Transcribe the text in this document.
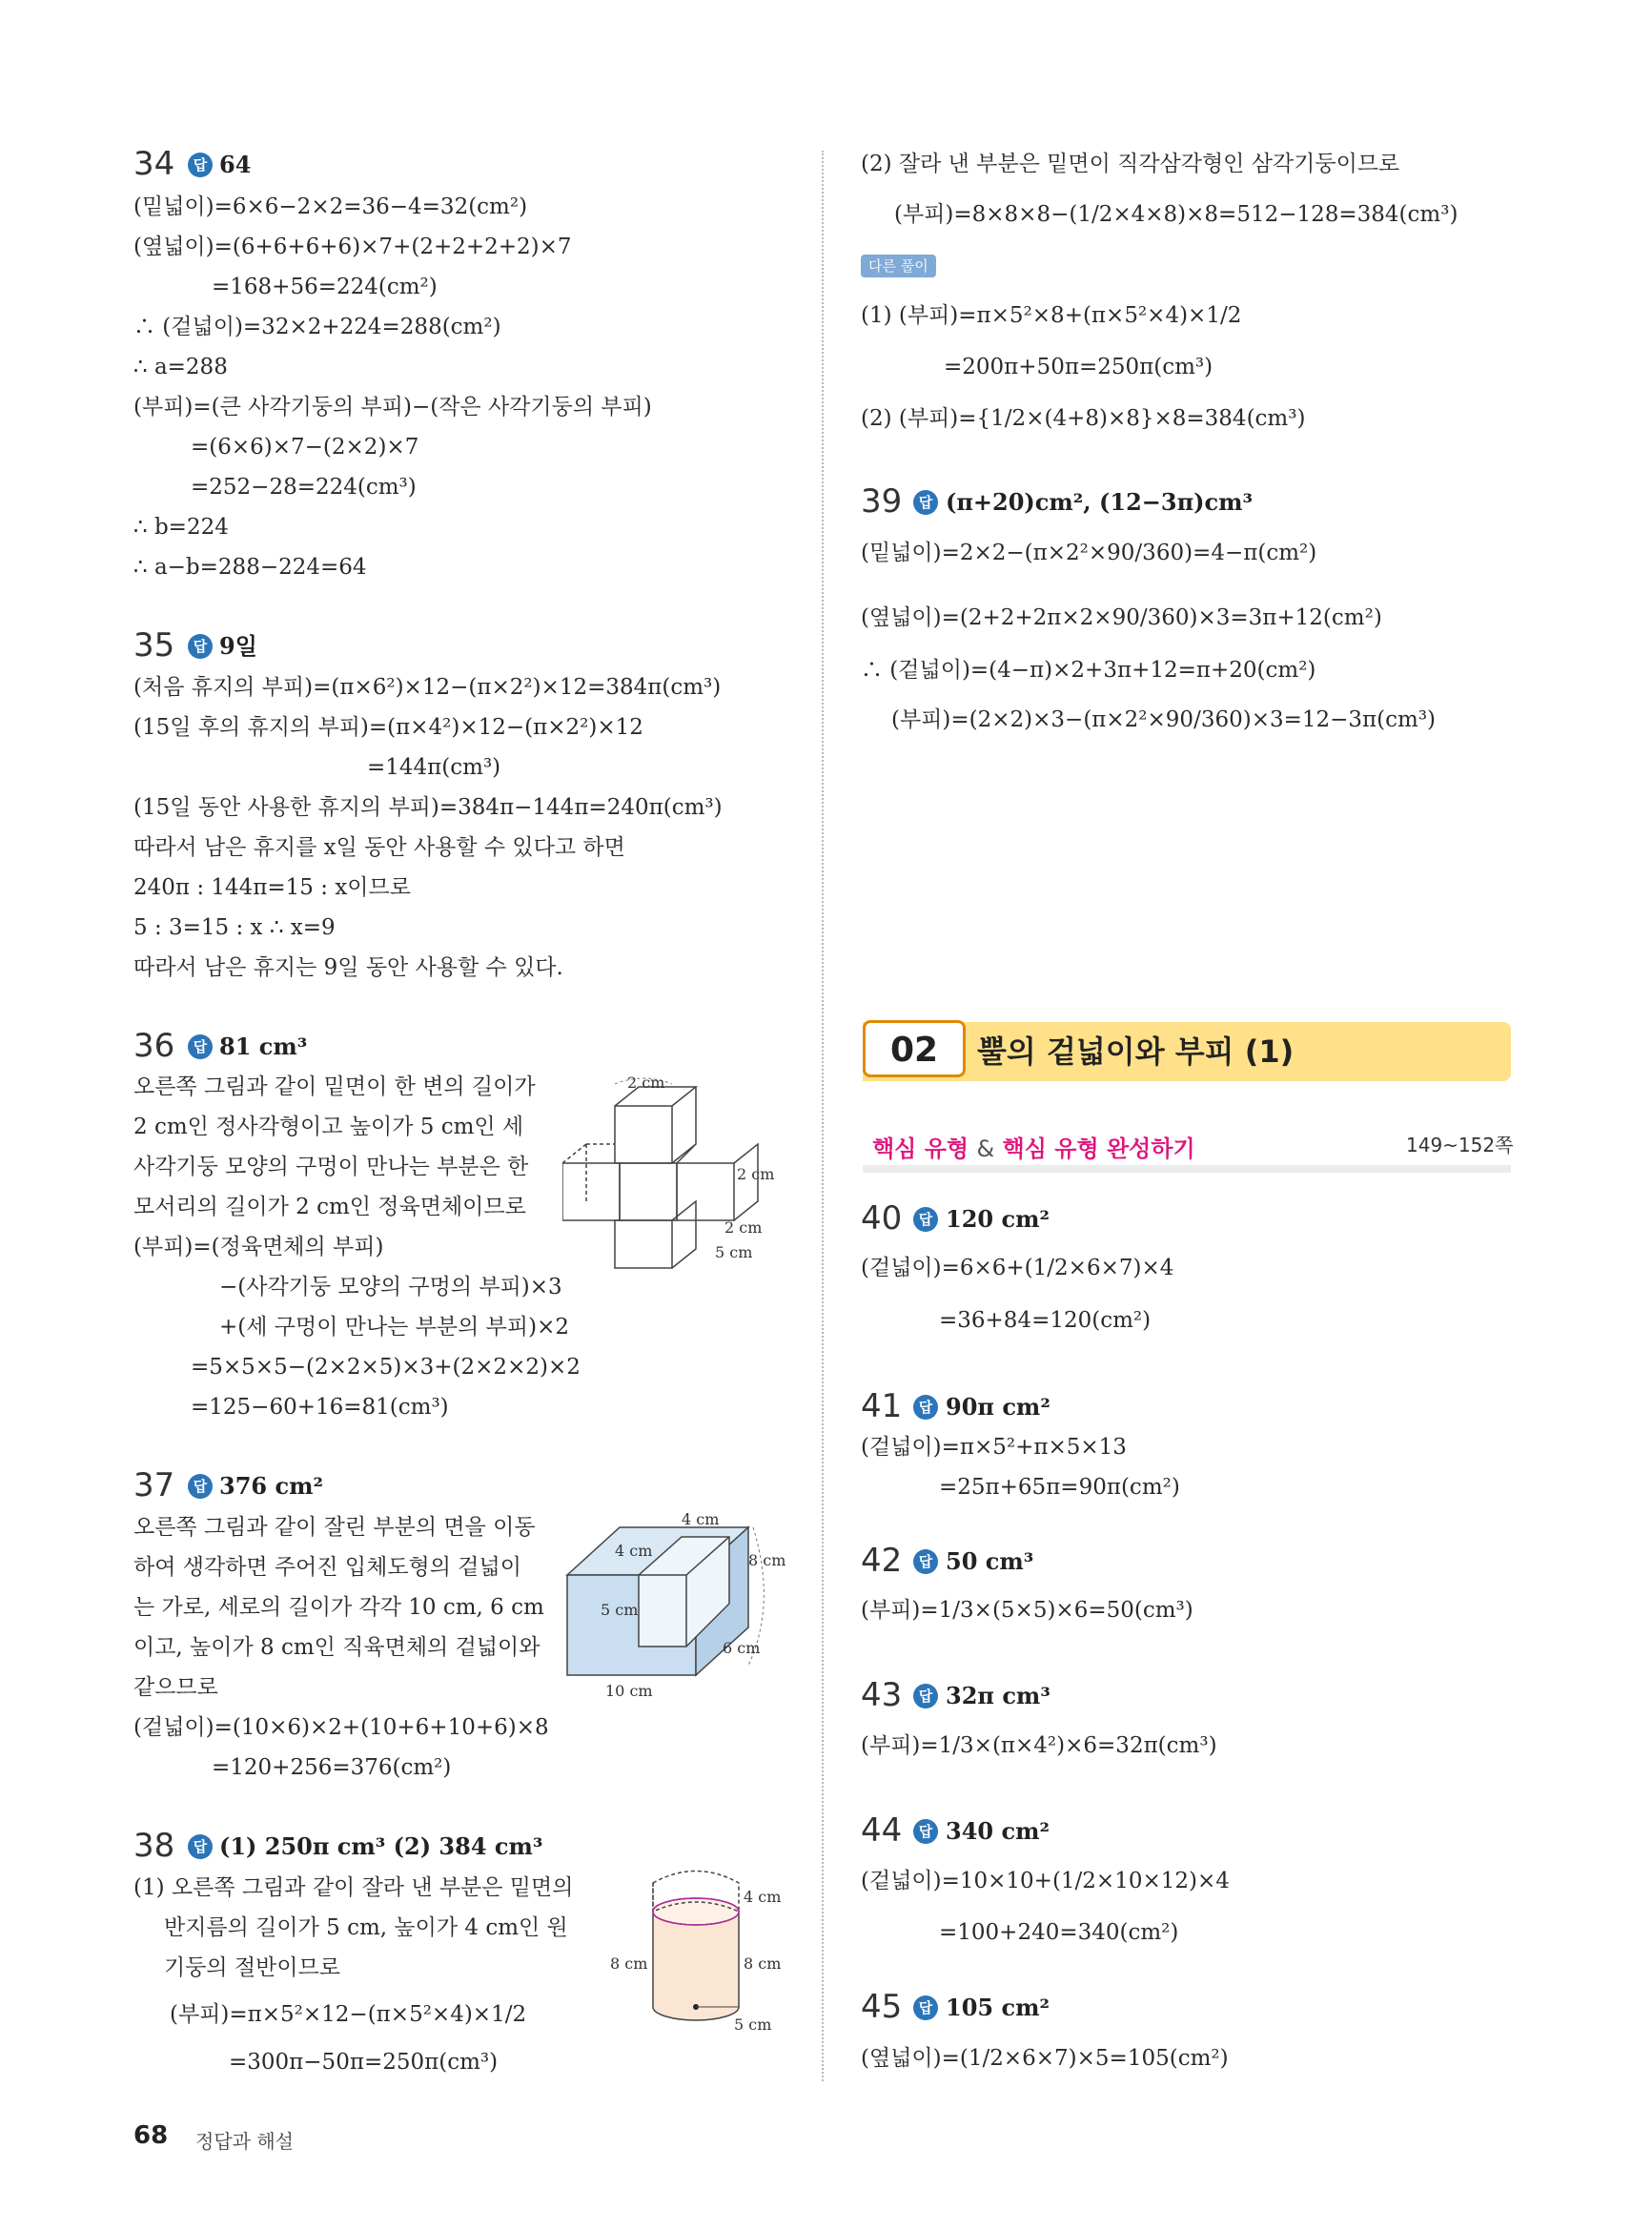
34	답 64
(밑넓이)=6×6−2×2=36−4=32(cm²)
(옆넓이)=(6+6+6+6)×7+(2+2+2+2)×7
=168+56=224(cm²)
∴ (겉넓이)=32×2+224=288(cm²)
∴ a=288
(부피)=(큰 사각기둥의 부피)−(작은 사각기둥의 부피)
=(6×6)×7−(2×2)×7
=252−28=224(cm³)
∴ b=224
∴ a−b=288−224=64
35	답 9일
(처음 휴지의 부피)=(π×6²)×12−(π×2²)×12=384π(cm³)
(15일 후의 휴지의 부피)=(π×4²)×12−(π×2²)×12
=144π(cm³)
(15일 동안 사용한 휴지의 부피)=384π−144π=240π(cm³)
따라서 남은 휴지를 x일 동안 사용할 수 있다고 하면
240π : 144π=15 : x이므로
5 : 3=15 : x ∴ x=9
따라서 남은 휴지는 9일 동안 사용할 수 있다.
36	답 81 cm³
오른쪽 그림과 같이 밑면이 한 변의 길이가
2 cm인 정사각형이고 높이가 5 cm인 세
사각기둥 모양의 구멍이 만나는 부분은 한
모서리의 길이가 2 cm인 정육면체이므로
(부피)=(정육면체의 부피)
−(사각기둥 모양의 구멍의 부피)×3
+(세 구멍이 만나는 부분의 부피)×2
=5×5×5−(2×2×5)×3+(2×2×2)×2
=125−60+16=81(cm³)
2 cm
2 cm
2 cm
5 cm
37	답 376 cm²
오른쪽 그림과 같이 잘린 부분의 면을 이동
하여 생각하면 주어진 입체도형의 겉넓이
는 가로, 세로의 길이가 각각 10 cm, 6 cm
이고, 높이가 8 cm인 직육면체의 겉넓이와
같으므로
(겉넓이)=(10×6)×2+(10+6+10+6)×8
=120+256=376(cm²)
4 cm
4 cm
8 cm
5 cm
6 cm
10 cm
38	답 (1) 250π cm³ (2) 384 cm³
(1) 오른쪽 그림과 같이 잘라 낸 부분은 밑면의
반지름의 길이가 5 cm, 높이가 4 cm인 원
기둥의 절반이므로
(부피)=π×5²×12−(π×5²×4)×1/2
=300π−50π=250π(cm³)
4 cm
8 cm	8 cm
5 cm
(2) 잘라 낸 부분은 밑면이 직각삼각형인 삼각기둥이므로
(부피)=8×8×8−(1/2×4×8)×8=512−128=384(cm³)
다른 풀이
(1) (부피)=π×5²×8+(π×5²×4)×1/2
=200π+50π=250π(cm³)
(2) (부피)={1/2×(4+8)×8}×8=384(cm³)
39	답 (π+20)cm², (12−3π)cm³
(밑넓이)=2×2−(π×2²×90/360)=4−π(cm²)
(옆넓이)=(2+2+2π×2×90/360)×3=3π+12(cm²)
∴ (겉넓이)=(4−π)×2+3π+12=π+20(cm²)
(부피)=(2×2)×3−(π×2²×90/360)×3=12−3π(cm³)
02	뿔의 겉넓이와 부피 (1)
핵심 유형 & 핵심 유형 완성하기	149~152쪽
40	답 120 cm²
(겉넓이)=6×6+(1/2×6×7)×4
=36+84=120(cm²)
41	답 90π cm²
(겉넓이)=π×5²+π×5×13
=25π+65π=90π(cm²)
42	답 50 cm³
(부피)=1/3×(5×5)×6=50(cm³)
43	답 32π cm³
(부피)=1/3×(π×4²)×6=32π(cm³)
44	답 340 cm²
(겉넓이)=10×10+(1/2×10×12)×4
=100+240=340(cm²)
45	답 105 cm²
(옆넓이)=(1/2×6×7)×5=105(cm²)
68 정답과 해설
